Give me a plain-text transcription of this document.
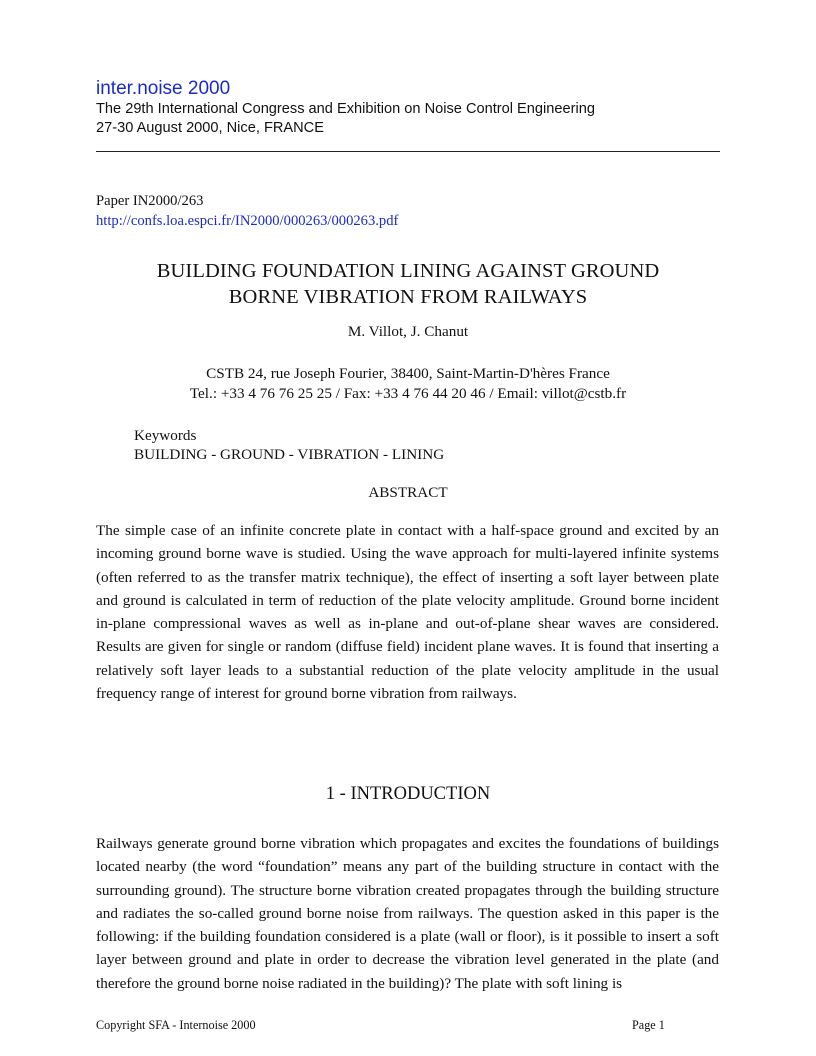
inter.noise 2000
The 29th International Congress and Exhibition on Noise Control Engineering
27-30 August 2000, Nice, FRANCE
Paper IN2000/263
http://confs.loa.espci.fr/IN2000/000263/000263.pdf
BUILDING FOUNDATION LINING AGAINST GROUND
BORNE VIBRATION FROM RAILWAYS
M. Villot, J. Chanut
CSTB 24, rue Joseph Fourier, 38400, Saint-Martin-D'hères France
Tel.: +33 4 76 76 25 25 / Fax: +33 4 76 44 20 46 / Email: villot@cstb.fr
Keywords
BUILDING - GROUND - VIBRATION - LINING
ABSTRACT
The simple case of an infinite concrete plate in contact with a half-space ground and excited by an incoming ground borne wave is studied. Using the wave approach for multi-layered infinite systems (often referred to as the transfer matrix technique), the effect of inserting a soft layer between plate and ground is calculated in term of reduction of the plate velocity amplitude. Ground borne incident in-plane compressional waves as well as in-plane and out-of-plane shear waves are considered. Results are given for single or random (diffuse field) incident plane waves. It is found that inserting a relatively soft layer leads to a substantial reduction of the plate velocity amplitude in the usual frequency range of interest for ground borne vibration from railways.
1 - INTRODUCTION
Railways generate ground borne vibration which propagates and excites the foundations of buildings located nearby (the word “foundation” means any part of the building structure in contact with the surrounding ground). The structure borne vibration created propagates through the building structure and radiates the so-called ground borne noise from railways. The question asked in this paper is the following: if the building foundation considered is a plate (wall or floor), is it possible to insert a soft layer between ground and plate in order to decrease the vibration level generated in the plate (and therefore the ground borne noise radiated in the building)? The plate with soft lining is
Copyright SFA - Internoise 2000	Page 1
